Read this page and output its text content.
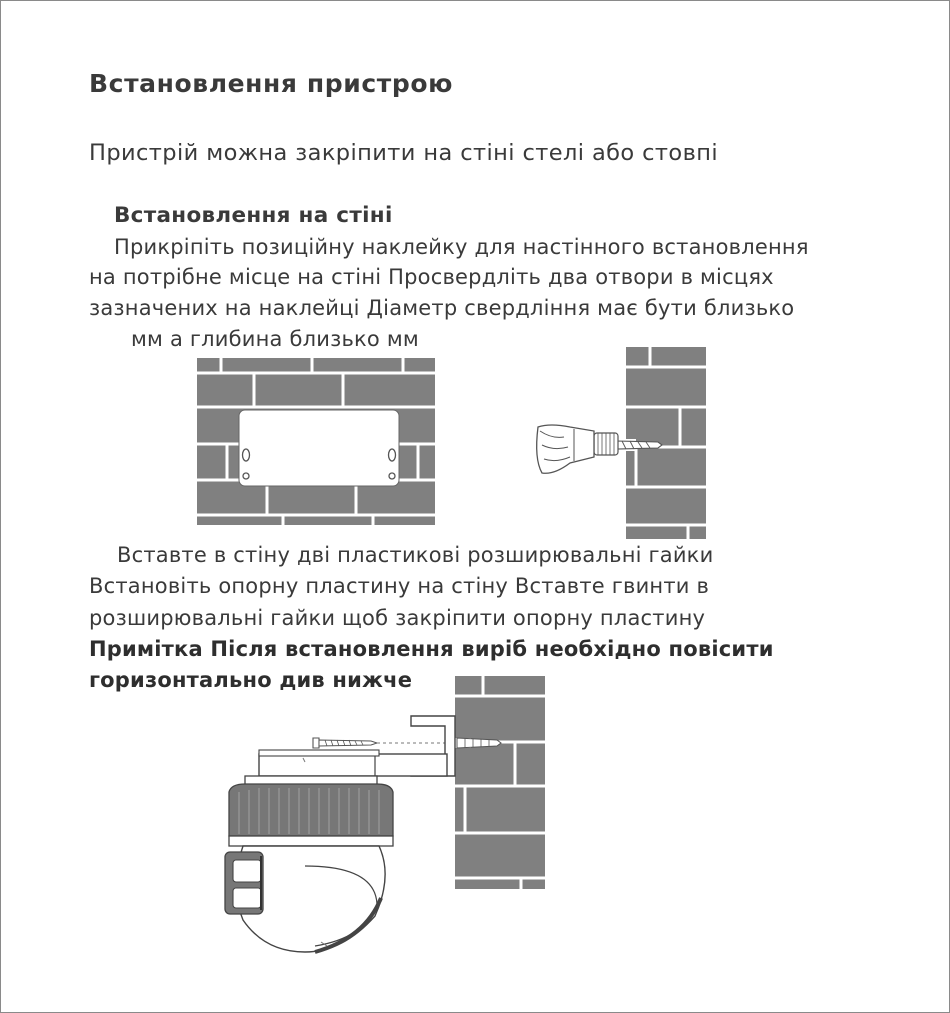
Встановлення пристрою

Пристрій можна закріпити на стіні стелі або стовпі

Встановлення на стіні

Прикріпіть позиційну наклейку для настінного встановлення

на потрібне місце на стіні Просвердліть два отвори в місцях

зазначених на наклейці Діаметр свердління має бути близько

мм а глибина близько мм

Вставте в стіну дві пластикові розширювальні гайки

Встановіть опорну пластину на стіну Вставте гвинти в

розширювальні гайки щоб закріпити опорну пластину

Примітка Після встановлення виріб необхідно повісити

горизонтально див нижче
